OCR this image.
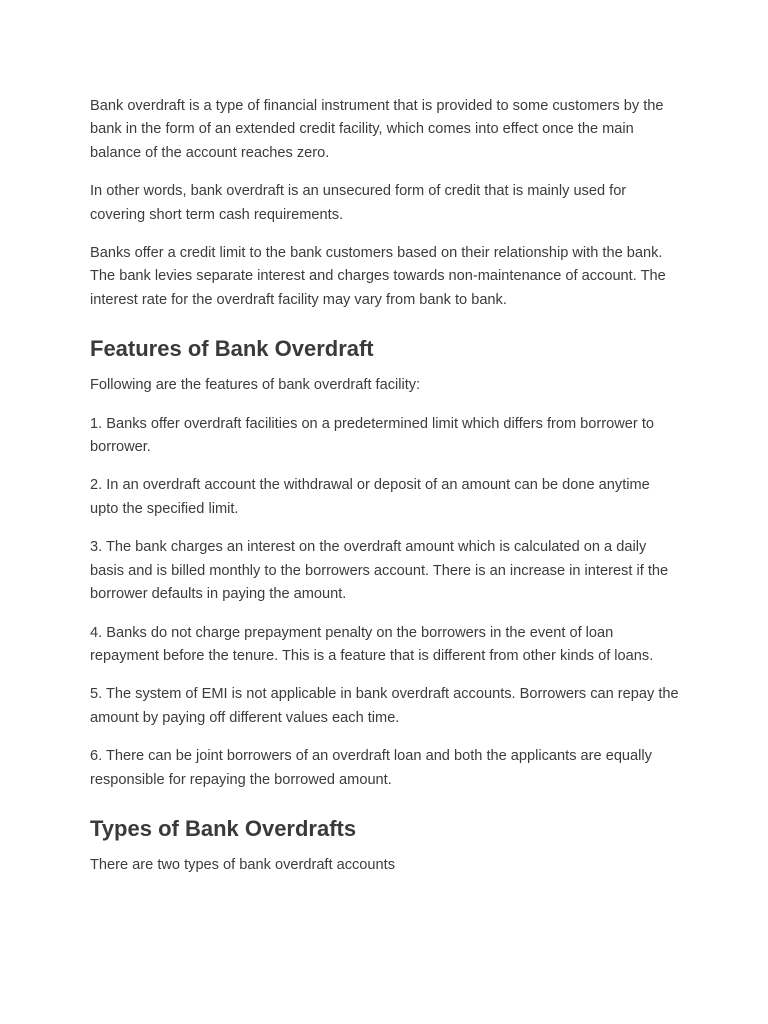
Bank overdraft is a type of financial instrument that is provided to some customers by the bank in the form of an extended credit facility, which comes into effect once the main balance of the account reaches zero.

In other words, bank overdraft is an unsecured form of credit that is mainly used for covering short term cash requirements.

Banks offer a credit limit to the bank customers based on their relationship with the bank. The bank levies separate interest and charges towards non-maintenance of account. The interest rate for the overdraft facility may vary from bank to bank.

Features of Bank Overdraft

Following are the features of bank overdraft facility:

1. Banks offer overdraft facilities on a predetermined limit which differs from borrower to borrower.

2. In an overdraft account the withdrawal or deposit of an amount can be done anytime upto the specified limit.

3. The bank charges an interest on the overdraft amount which is calculated on a daily basis and is billed monthly to the borrowers account. There is an increase in interest if the borrower defaults in paying the amount.

4. Banks do not charge prepayment penalty on the borrowers in the event of loan repayment before the tenure. This is a feature that is different from other kinds of loans.

5. The system of EMI is not applicable in bank overdraft accounts. Borrowers can repay the amount by paying off different values each time.

6. There can be joint borrowers of an overdraft loan and both the applicants are equally responsible for repaying the borrowed amount.

Types of Bank Overdrafts

There are two types of bank overdraft accounts
